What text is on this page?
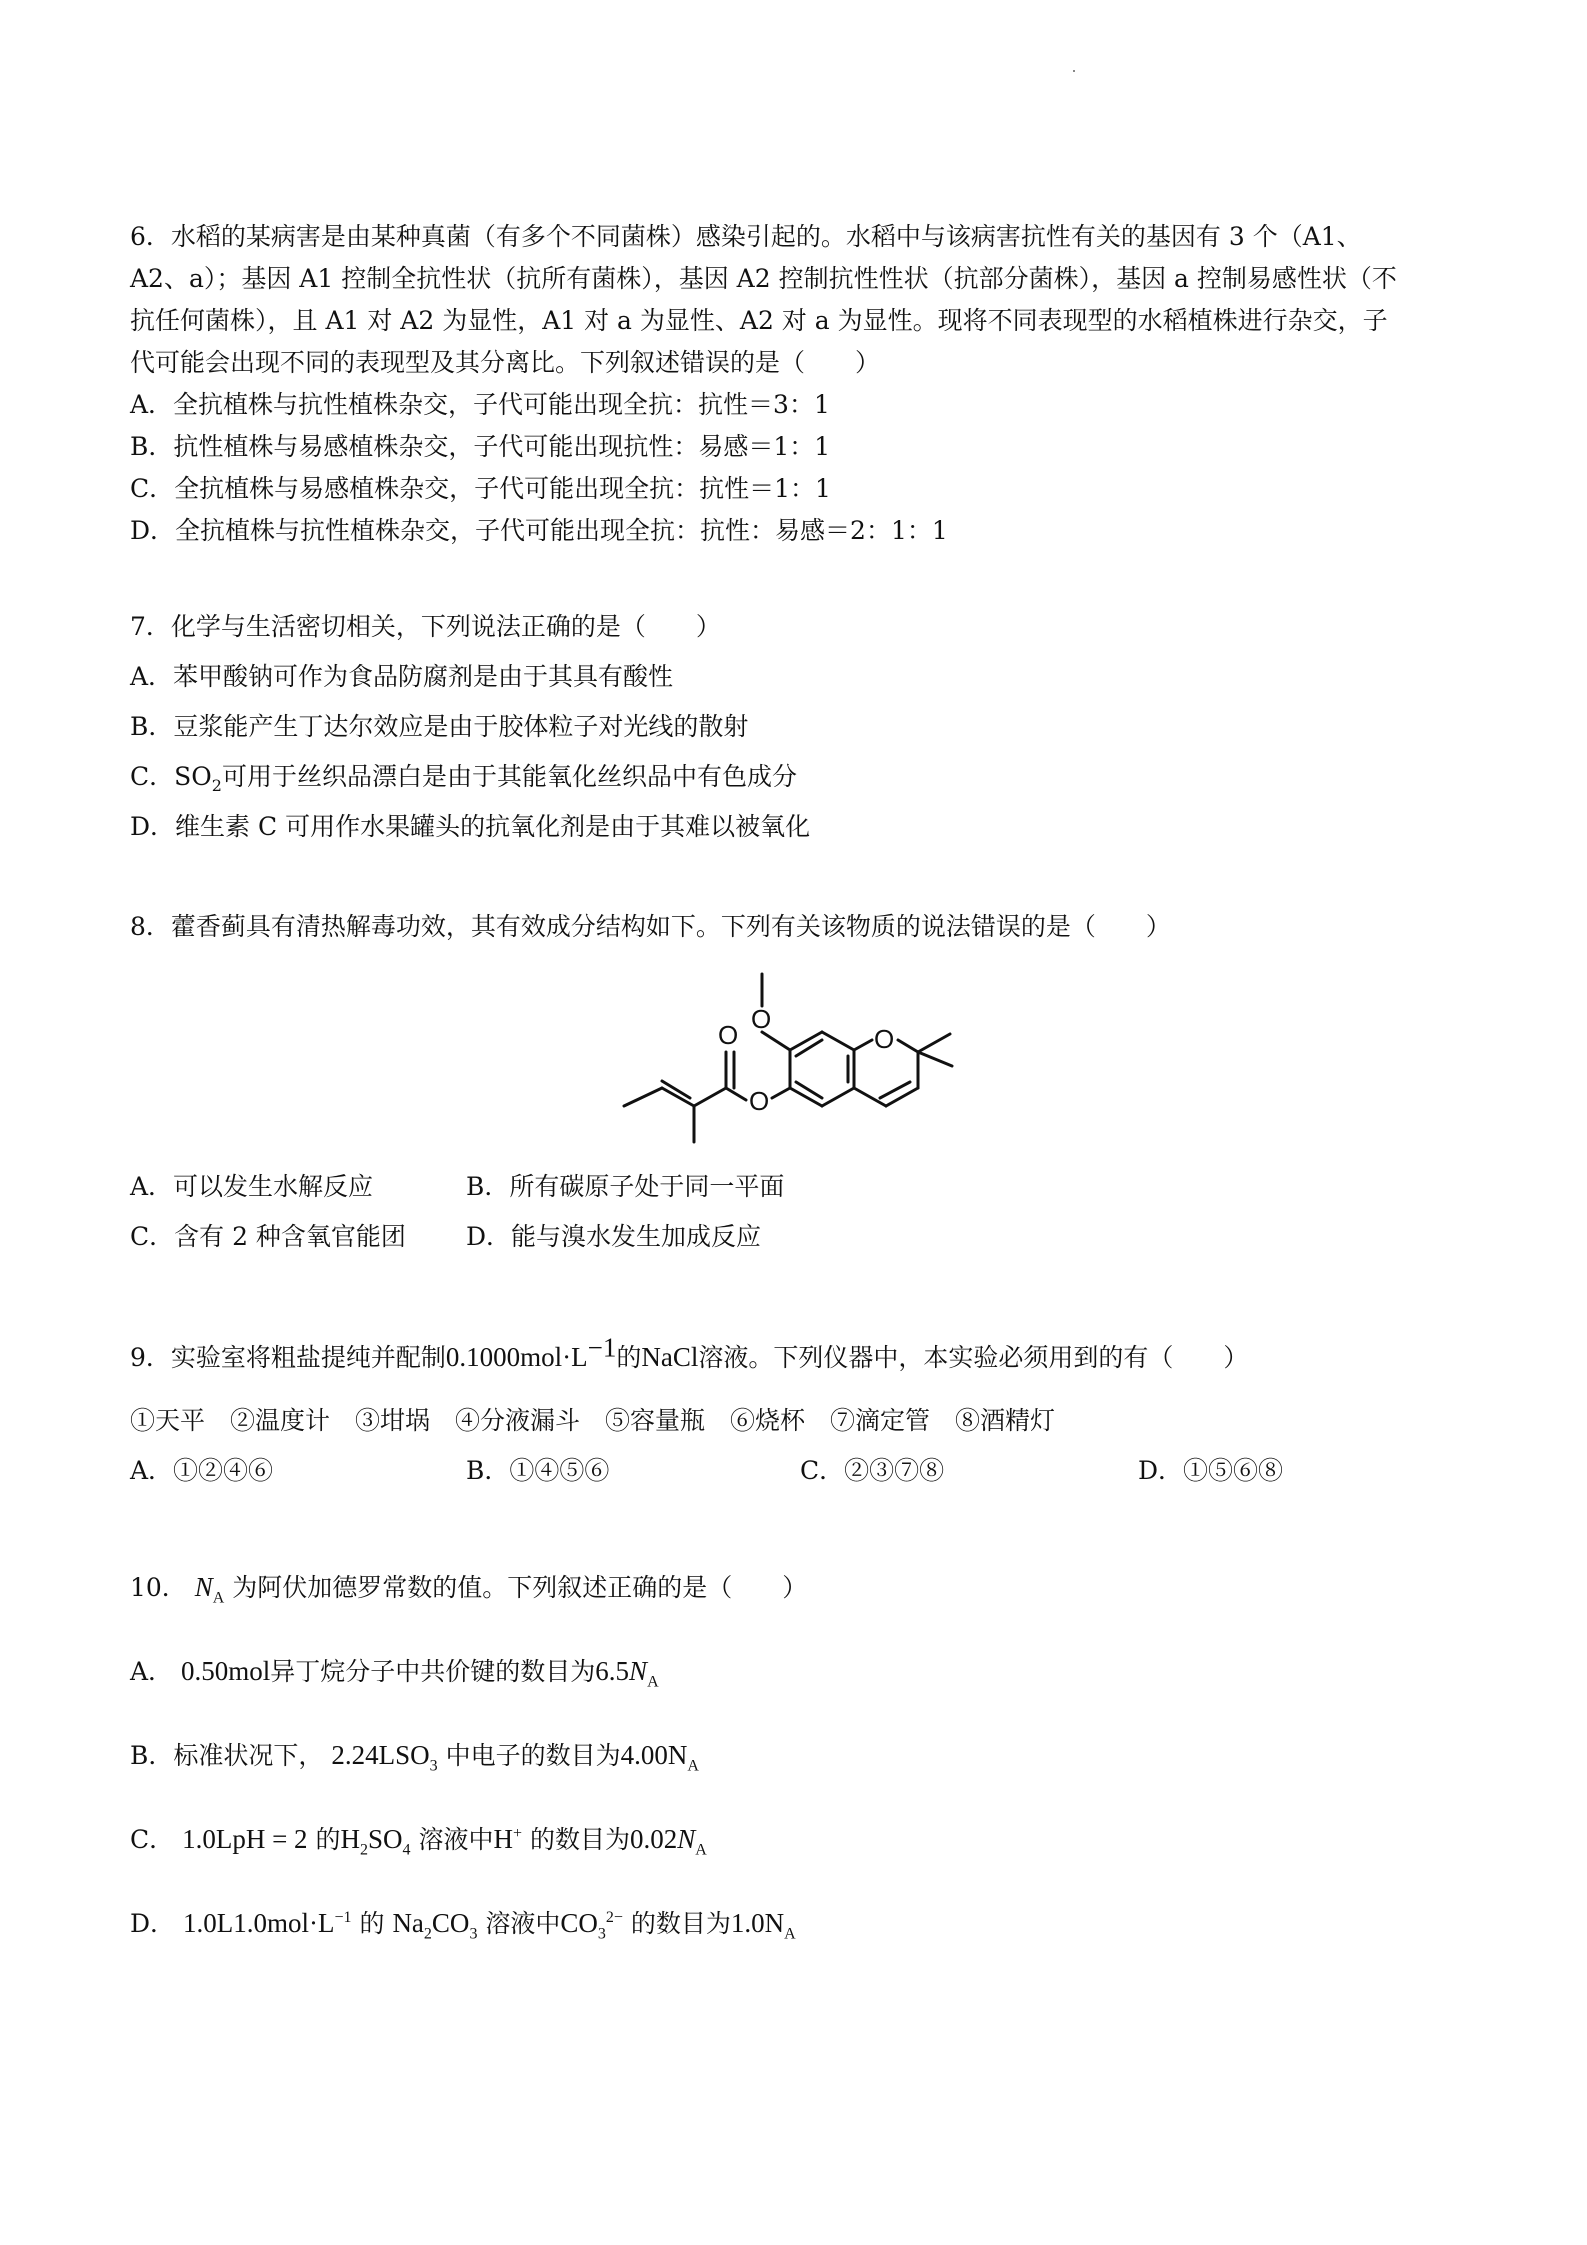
6．水稻的某病害是由某种真菌（有多个不同菌株）感染引起的。水稻中与该病害抗性有关的基因有 3 个（A1、
A2、a）；基因 A1 控制全抗性状（抗所有菌株），基因 A2 控制抗性性状（抗部分菌株），基因 a 控制易感性状（不
抗任何菌株），且 A1 对 A2 为显性，A1 对 a 为显性、A2 对 a 为显性。现将不同表现型的水稻植株进行杂交，子
代可能会出现不同的表现型及其分离比。下列叙述错误的是（　　）
A．全抗植株与抗性植株杂交，子代可能出现全抗：抗性＝3：1
B．抗性植株与易感植株杂交，子代可能出现抗性：易感＝1：1
C．全抗植株与易感植株杂交，子代可能出现全抗：抗性＝1：1
D．全抗植株与抗性植株杂交，子代可能出现全抗：抗性：易感＝2：1：1
7．化学与生活密切相关，下列说法正确的是（　　）
A．苯甲酸钠可作为食品防腐剂是由于其具有酸性
B．豆浆能产生丁达尔效应是由于胶体粒子对光线的散射
C．$SO_2$可用于丝织品漂白是由于其能氧化丝织品中有色成分
D．维生素 C 可用作水果罐头的抗氧化剂是由于其难以被氧化
8．藿香蓟具有清热解毒功效，其有效成分结构如下。下列有关该物质的说法错误的是（　　）
O
O
O
O
A．可以发生水解反应	B．所有碳原子处于同一平面
C．含有 2 种含氧官能团 D．能与溴水发生加成反应
9．实验室将粗盐提纯并配制$0.1000mol\cdot L^{-1}$的NaCl溶液。下列仪器中，本实验必须用到的有（　　）
①天平　②温度计　③坩埚　④分液漏斗　⑤容量瓶　⑥烧杯　⑦滴定管　⑧酒精灯
A．①②④⑥	B．①④⑤⑥	C．②③⑦⑧	D．①⑤⑥⑧
10． $N_A$ 为阿伏加德罗常数的值。下列叙述正确的是（　　）
A． 0.50mol异丁烷分子中共价键的数目为$6.5N_A$
B．标准状况下， $2.24LSO_3$ 中电子的数目为$4.00N_A$
C． 1.0LpH = 2 的$H_2SO_4$ 溶液中H+ 的数目为$0.02N_A$
D． $1.0L1.0mol\cdot L^{-1}$ 的 $Na_2CO_3$ 溶液中$CO_3^{2-}$ 的数目为$1.0N_A$
